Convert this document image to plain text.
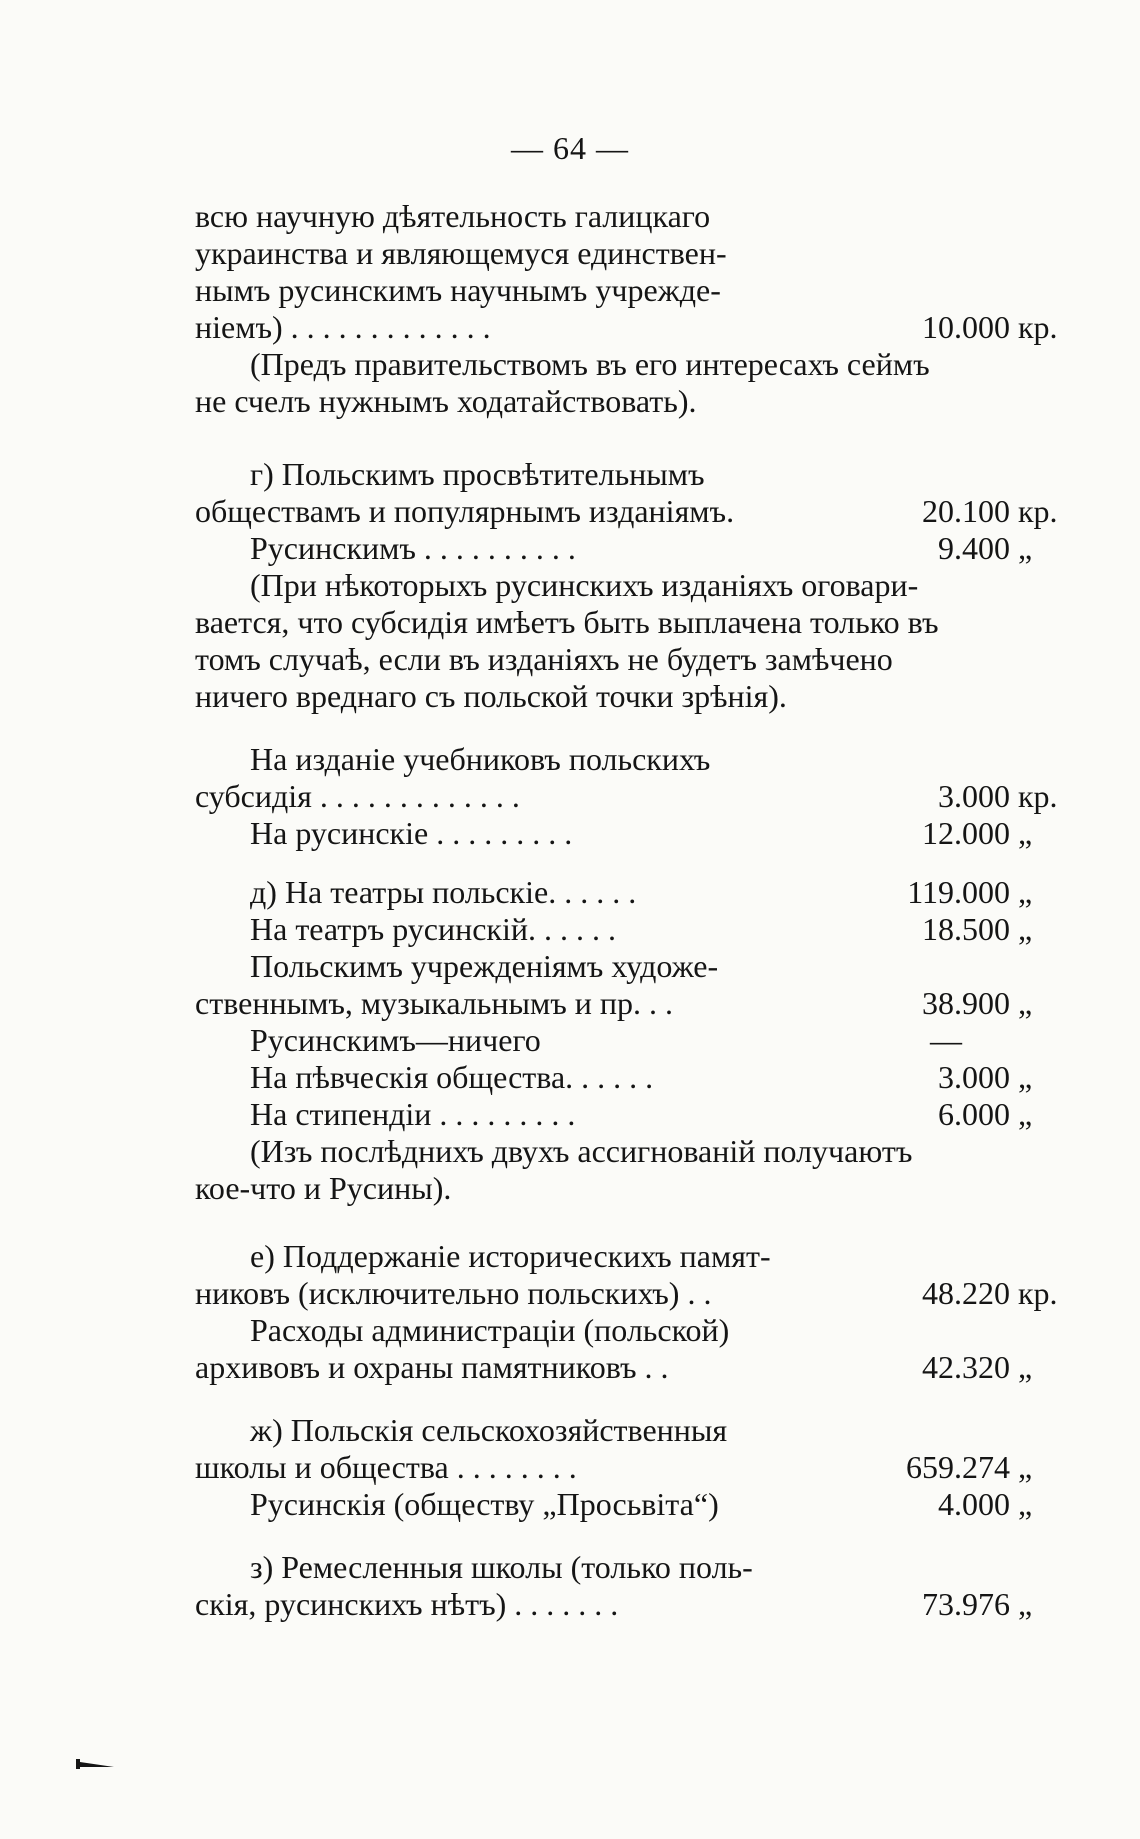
— 64 —
всю научную дѣятельность галицкаго
украинства и являющемуся единствен-
нымъ русинскимъ научнымъ учрежде-
ніемъ) . . . . . . . . . . . . .	10.000 кр.
(Предъ правительствомъ въ его интересахъ сеймъ
не счелъ нужнымъ ходатайствовать).
г) Польскимъ просвѣтительнымъ
обществамъ и популярнымъ изданіямъ.	20.100 кр.
Русинскимъ . . . . . . . . . .	9.400 „
(При нѣкоторыхъ русинскихъ изданіяхъ оговари-
вается, что субсидія имѣетъ быть выплачена только въ
томъ случаѣ, если въ изданіяхъ не будетъ замѣчено
ничего вреднаго съ польской точки зрѣнія).
На изданіе учебниковъ польскихъ
субсидія . . . . . . . . . . . . .	3.000 кр.
На русинскіе . . . . . . . . .	12.000 „
д) На театры польскіе. . . . . .	119.000 „
На театръ русинскій. . . . . .	18.500 „
Польскимъ учрежденіямъ художе-
ственнымъ, музыкальнымъ и пр. . .	38.900 „
Русинскимъ—ничего	—
На пѣвческія общества. . . . . .	3.000 „
На стипендіи . . . . . . . . .	6.000 „
(Изъ послѣднихъ двухъ ассигнованій получаютъ
кое-что и Русины).
е) Поддержаніе историческихъ памят-
никовъ (исключительно польскихъ) . .	48.220 кр.
Расходы администраціи (польской)
архивовъ и охраны памятниковъ . .	42.320 „
ж) Польскія сельскохозяйственныя
школы и общества . . . . . . . .	659.274 „
Русинскія (обществу „Просьвіта“)	4.000 „
з) Ремесленныя школы (только поль-
скія, русинскихъ нѣтъ) . . . . . . .	73.976 „
